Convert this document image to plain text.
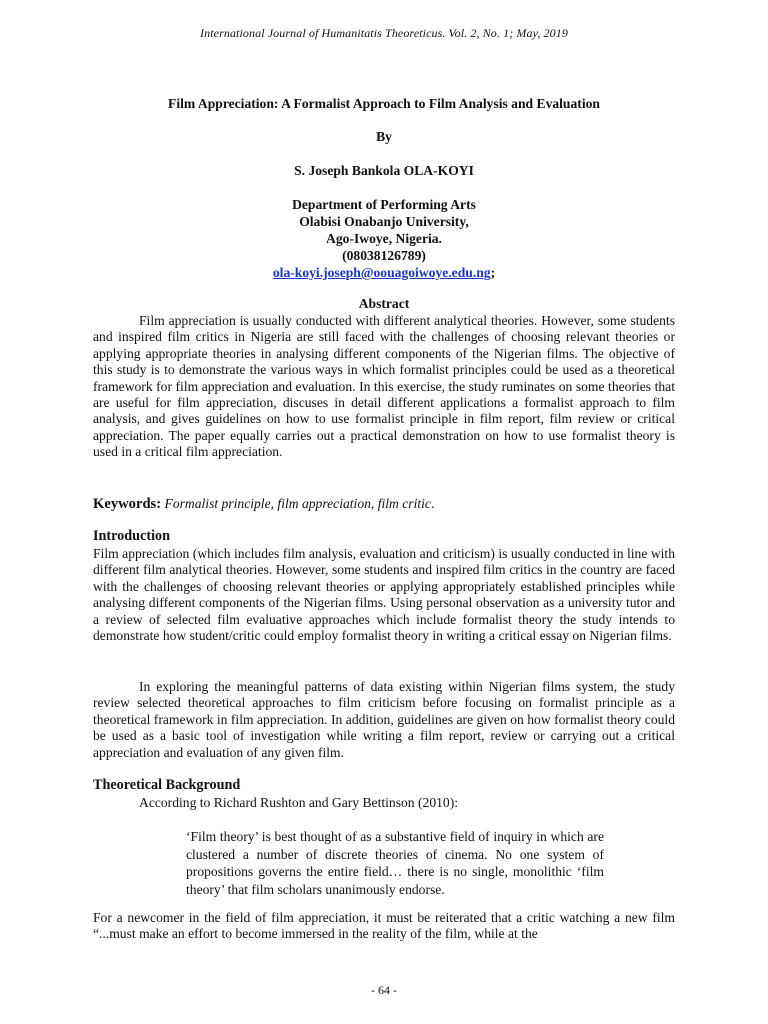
International Journal of Humanitatis Theoreticus. Vol. 2, No. 1; May, 2019
Film Appreciation: A Formalist Approach to Film Analysis and Evaluation
By
S. Joseph Bankola OLA-KOYI
Department of Performing Arts
Olabisi Onabanjo University,
Ago-Iwoye, Nigeria.
(08038126789)
ola-koyi.joseph@oouagoiwoye.edu.ng;
Abstract

Film appreciation is usually conducted with different analytical theories. However, some students and inspired film critics in Nigeria are still faced with the challenges of choosing relevant theories or applying appropriate theories in analysing different components of the Nigerian films. The objective of this study is to demonstrate the various ways in which formalist principles could be used as a theoretical framework for film appreciation and evaluation. In this exercise, the study ruminates on some theories that are useful for film appreciation, discuses in detail different applications a formalist approach to film analysis, and gives guidelines on how to use formalist principle in film report, film review or critical appreciation. The paper equally carries out a practical demonstration on how to use formalist theory is used in a critical film appreciation.

Keywords: Formalist principle, film appreciation, film critic.
Introduction

Film appreciation (which includes film analysis, evaluation and criticism) is usually conducted in line with different film analytical theories. However, some students and inspired film critics in the country are faced with the challenges of choosing relevant theories or applying appropriately established principles while analysing different components of the Nigerian films. Using personal observation as a university tutor and a review of selected film evaluative approaches which include formalist theory the study intends to demonstrate how student/critic could employ formalist theory in writing a critical essay on Nigerian films.

In exploring the meaningful patterns of data existing within Nigerian films system, the study review selected theoretical approaches to film criticism before focusing on formalist principle as a theoretical framework in film appreciation. In addition, guidelines are given on how formalist theory could be used as a basic tool of investigation while writing a film report, review or carrying out a critical appreciation and evaluation of any given film.

Theoretical Background

According to Richard Rushton and Gary Bettinson (2010):

‘Film theory’ is best thought of as a substantive field of inquiry in which are clustered a number of discrete theories of cinema. No one system of propositions governs the entire field… there is no single, monolithic ‘film theory’ that film scholars unanimously endorse.

For a newcomer in the field of film appreciation, it must be reiterated that a critic watching a new film “...must make an effort to become immersed in the reality of the film, while at the

- 64 -
